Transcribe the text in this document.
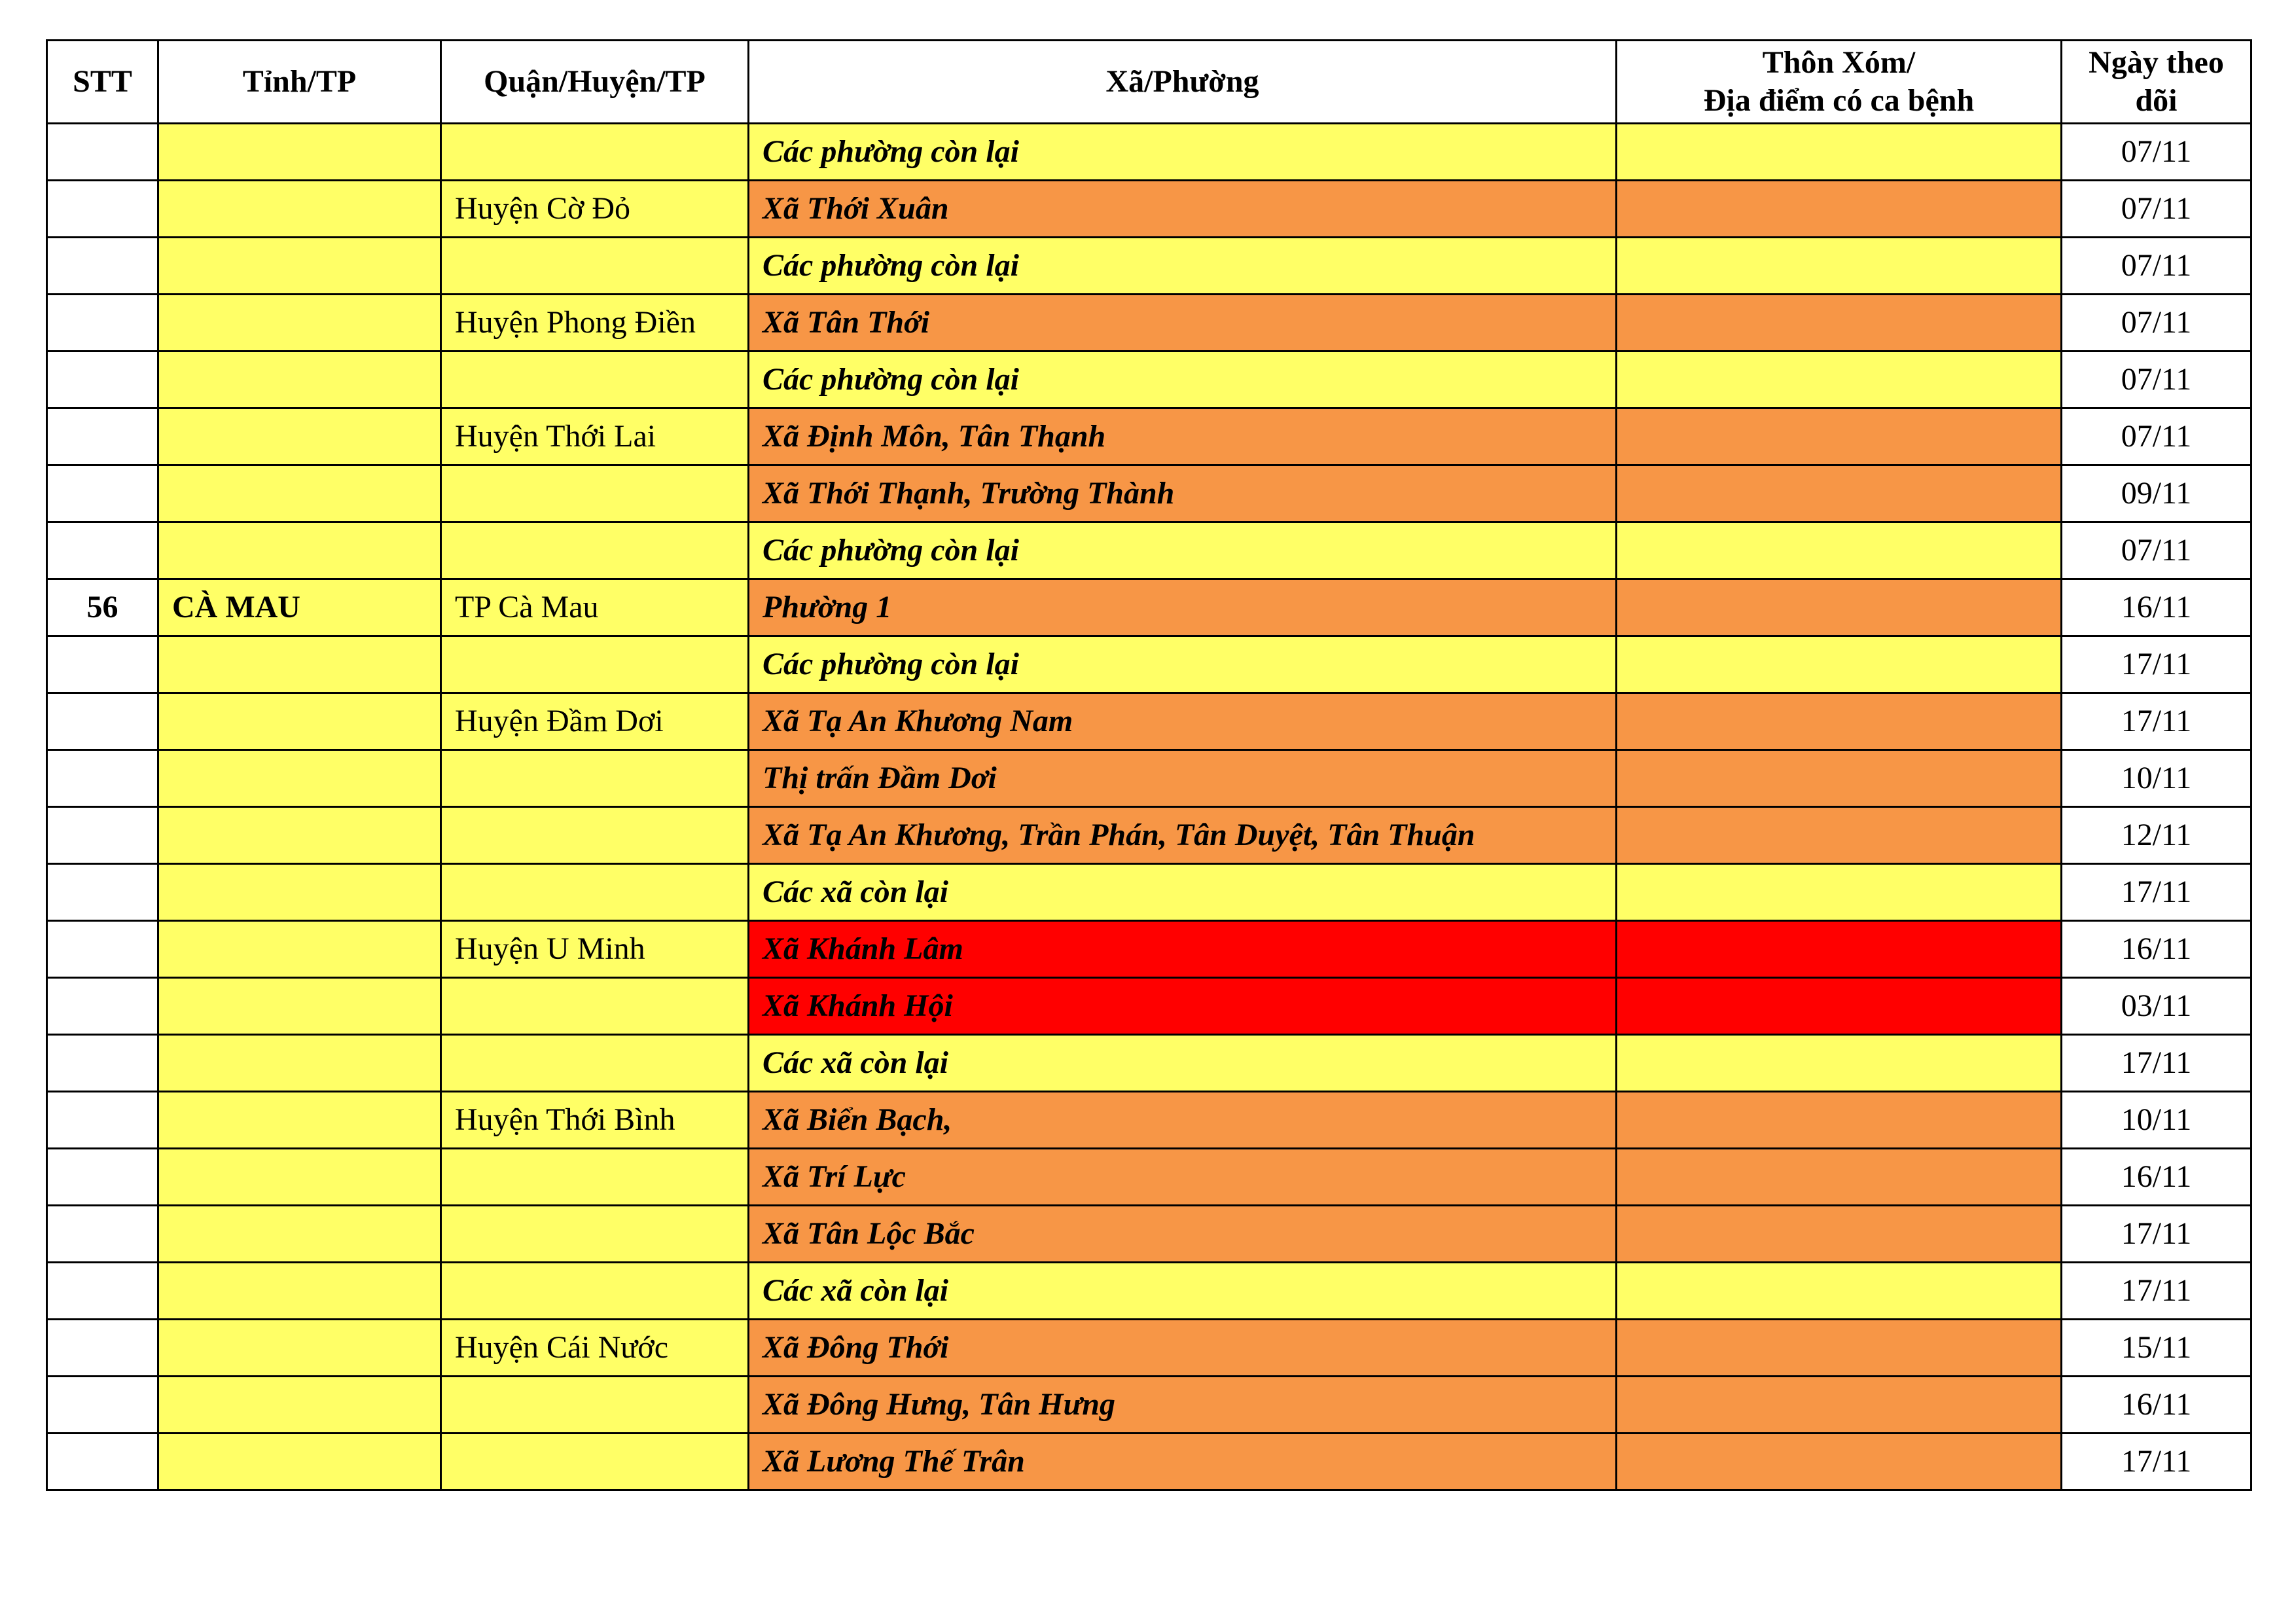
STT	Tỉnh/TP	Quận/Huyện/TP	Xã/Phường	Thôn Xóm/
Địa điểm có ca bệnh	Ngày theo
dõi
			Các phường còn lại		07/11
		Huyện Cờ Đỏ	Xã Thới Xuân		07/11
			Các phường còn lại		07/11
		Huyện Phong Điền	Xã Tân Thới		07/11
			Các phường còn lại		07/11
		Huyện Thới Lai	Xã Định Môn, Tân Thạnh		07/11
			Xã Thới Thạnh, Trường Thành		09/11
			Các phường còn lại		07/11
56	CÀ MAU	TP Cà Mau	Phường 1		16/11
			Các phường còn lại		17/11
		Huyện Đầm Dơi	Xã Tạ An Khương Nam		17/11
			Thị trấn Đầm Dơi		10/11
			Xã Tạ An Khương, Trần Phán, Tân Duyệt, Tân Thuận		12/11
			Các xã còn lại		17/11
		Huyện U Minh	Xã Khánh Lâm		16/11
			Xã Khánh Hội		03/11
			Các xã còn lại		17/11
		Huyện Thới Bình	Xã Biển Bạch,		10/11
			Xã Trí Lực		16/11
			Xã Tân Lộc Bắc		17/11
			Các xã còn lại		17/11
		Huyện Cái Nước	Xã Đông Thới		15/11
			Xã Đông Hưng, Tân Hưng		16/11
			Xã Lương Thế Trân		17/11
